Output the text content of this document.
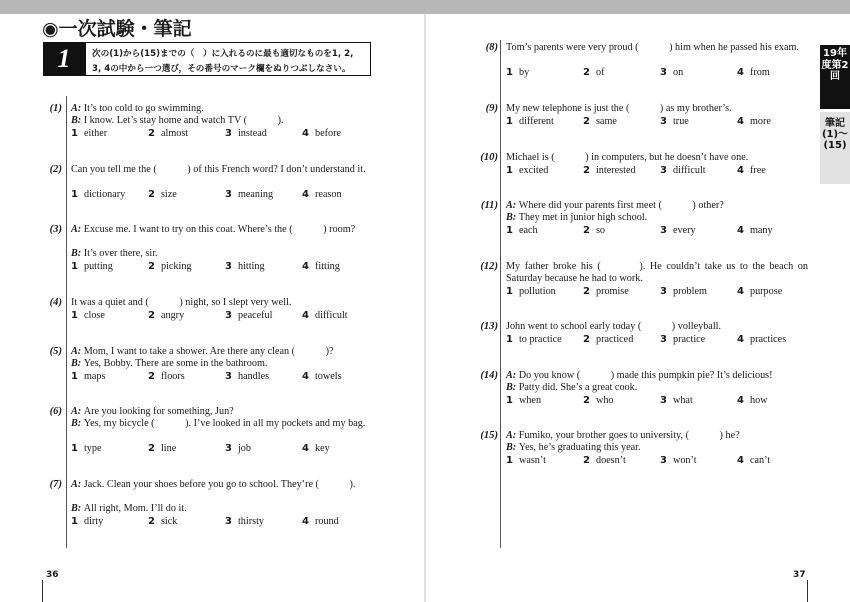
◉一次試験・筆記
1	次の(1)から(15)までの（　）に入れるのに最も適切なものを1, 2, 3, 4の中から一つ選び，その番号のマーク欄をぬりつぶしなさい。
(1) A: It’s too cold to go swimming.
B: I know. Let’s stay home and watch TV (　　　).
1 either	2 almost	3 instead	4 before
(2) Can you tell me the (　　　) of this French word? I don’t understand it.
1 dictionary 2 size	3 meaning	4 reason
(3) A: Excuse me. I want to try on this coat. Where’s the (　　　) room?
B: It’s over there, sir.
1 putting	2 picking	3 hitting	4 fitting
(4) It was a quiet and (　　　) night, so I slept very well.
1 close	2 angry	3 peaceful	4 difficult
(5) A: Mom, I want to take a shower. Are there any clean (　　　)?
B: Yes, Bobby. There are some in the bathroom.
1 maps	2 floors	3 handles	4 towels
(6) A: Are you looking for something, Jun?
B: Yes, my bicycle (　　　). I’ve looked in all my pockets and my bag.
1 type	2 line	3 job	4 key
(7) A: Jack. Clean your shoes before you go to school. They’re (　　　).
B: All right, Mom. I’ll do it.
1 dirty	2 sick	3 thirsty	4 round
(8) Tom’s parents were very proud (　　　) him when he passed his exam.
1 by	2 of	3 on	4 from
(9) My new telephone is just the (　　　) as my brother’s.
1 different	2 same	3 true	4 more
(10) Michael is (　　　) in computers, but he doesn’t have one.
1 excited	2 interested 3 difficult	4 free
(11) A: Where did your parents first meet (　　　) other?
B: They met in junior high school.
1 each	2 so	3 every	4 many
(12) My father broke his (　　　). He couldn’t take us to the beach on Saturday because he had to work.
1 pollution	2 promise	3 problem	4 purpose
(13) John went to school early today (　　　) volleyball.
1 to practice 2 practiced	3 practice	4 practices
(14) A: Do you know (　　　) made this pumpkin pie? It’s delicious!
B: Patty did. She’s a great cook.
1 when	2 who	3 what	4 how
(15) A: Fumiko, your brother goes to university, (　　　) he?
B: Yes, he’s graduating this year.
1 wasn’t	2 doesn’t	3 won’t	4 can’t
19年度第2回
筆記(1)〜(15)
36	37
